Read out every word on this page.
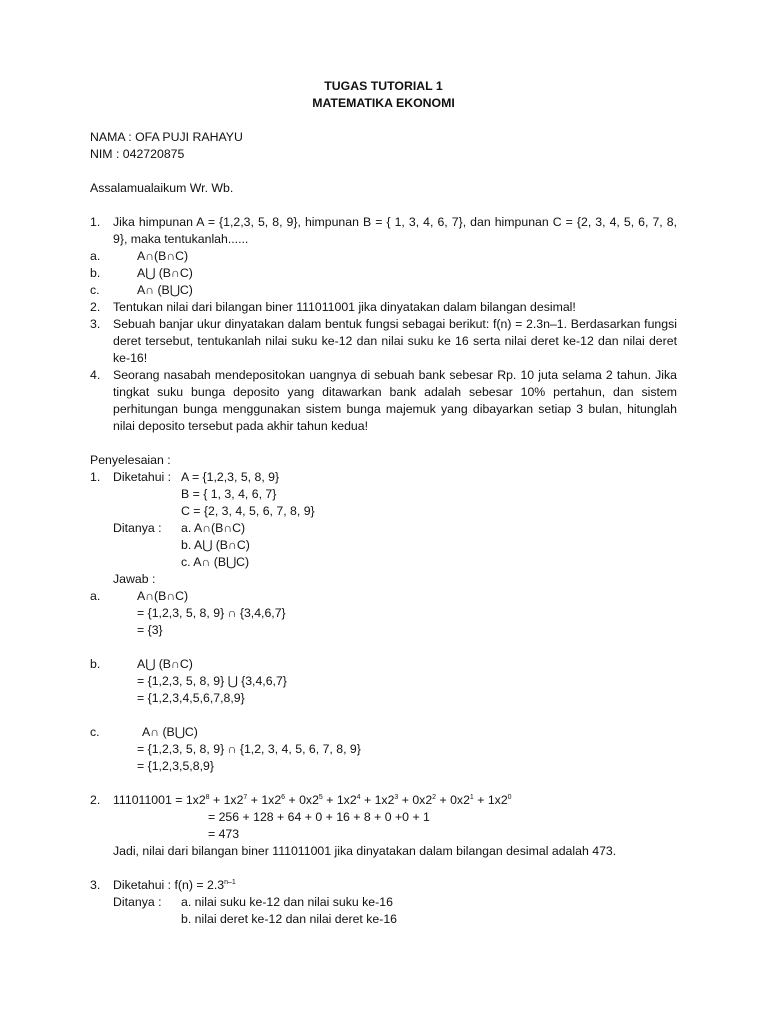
TUGAS TUTORIAL 1
MATEMATIKA EKONOMI
NAMA : OFA PUJI RAHAYU
NIM : 042720875
Assalamualaikum Wr. Wb.
1. Jika himpunan A = {1,2,3, 5, 8, 9}, himpunan B = { 1, 3, 4, 6, 7}, dan himpunan C = {2, 3, 4, 5, 6, 7, 8, 9}, maka tentukanlah......
a.	A∩(B∩C)
b.	A⋃ (B∩C)
c.	A∩ (B⋃C)
2. Tentukan nilai dari bilangan biner 111011001 jika dinyatakan dalam bilangan desimal!
3. Sebuah banjar ukur dinyatakan dalam bentuk fungsi sebagai berikut: f(n) = 2.3n–1. Berdasarkan fungsi deret tersebut, tentukanlah nilai suku ke-12 dan nilai suku ke 16 serta nilai deret ke-12 dan nilai deret ke-16!
4. Seorang nasabah mendepositokan uangnya di sebuah bank sebesar Rp. 10 juta selama 2 tahun. Jika tingkat suku bunga deposito yang ditawarkan bank adalah sebesar 10% pertahun, dan sistem perhitungan bunga menggunakan sistem bunga majemuk yang dibayarkan setiap 3 bulan, hitunglah nilai deposito tersebut pada akhir tahun kedua!
Penyelesaian :
1. Diketahui : A = {1,2,3, 5, 8, 9}
B = { 1, 3, 4, 6, 7}
C = {2, 3, 4, 5, 6, 7, 8, 9}
Ditanya :	a. A∩(B∩C)
b. A⋃ (B∩C)
c. A∩ (B⋃C)
Jawab :
a.	A∩(B∩C)
= {1,2,3, 5, 8, 9} ∩ {3,4,6,7}
= {3}
b.	A⋃ (B∩C)
= {1,2,3, 5, 8, 9} ⋃ {3,4,6,7}
= {1,2,3,4,5,6,7,8,9}
c.	A∩ (B⋃C)
= {1,2,3, 5, 8, 9} ∩ {1,2, 3, 4, 5, 6, 7, 8, 9}
= {1,2,3,5,8,9}
2. $111011001 = 1x2^8 + 1x2^7 + 1x2^6 + 0x2^5 + 1x2^4 + 1x2^3 + 0x2^2 + 0x2^1 + 1x2^0$
= 256 + 128 + 64 + 0 + 16 + 8 + 0 +0 + 1
= 473
Jadi, nilai dari bilangan biner 111011001 jika dinyatakan dalam bilangan desimal adalah 473.
3. Diketahui : $f(n) = 2.3^{n-1}$
Ditanya :	a. nilai suku ke-12 dan nilai suku ke-16
b. nilai deret ke-12 dan nilai deret ke-16
